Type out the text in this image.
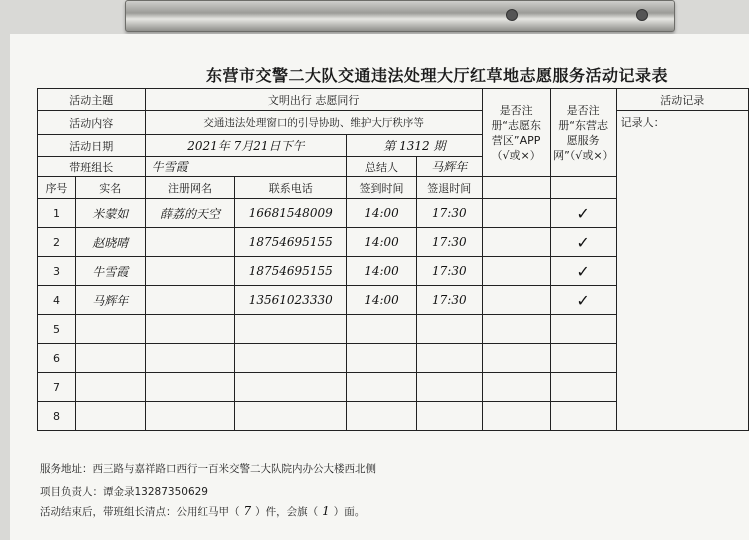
东营市交警二大队交通违法处理大厅红草地志愿服务活动记录表
活动主题		文明出行 志愿同行				是否注册“志愿东营区”APP（√或×）	是否注册“东营志愿服务网”（√或×）	活动记录
活动内容		交通违法处理窗口的引导协助、维护大厅秩序等						记录人：
活动日期		2021年 7月21日下午		第 1312 期				
带班组长		牛雪霞		总结人	马辉年			
序号	实名	注册网名	联系电话	签到时间	签退时间			
1	米蒙如	薛荔的天空	16681548009	14:00	17:30		✓	
2	赵晓晴		18754695155	14:00	17:30		✓	
3	牛雪霞		18754695155	14:00	17:30		✓	
4	马辉年		13561023330	14:00	17:30		✓	
5								
6								
7								
8								
服务地址：西三路与嘉祥路口西行一百米交警二大队院内办公大楼西北侧
项目负责人：谭金录13287350629
活动结束后，带班组长清点：公用红马甲（ 7 ）件，会旗（ 1 ）面。
